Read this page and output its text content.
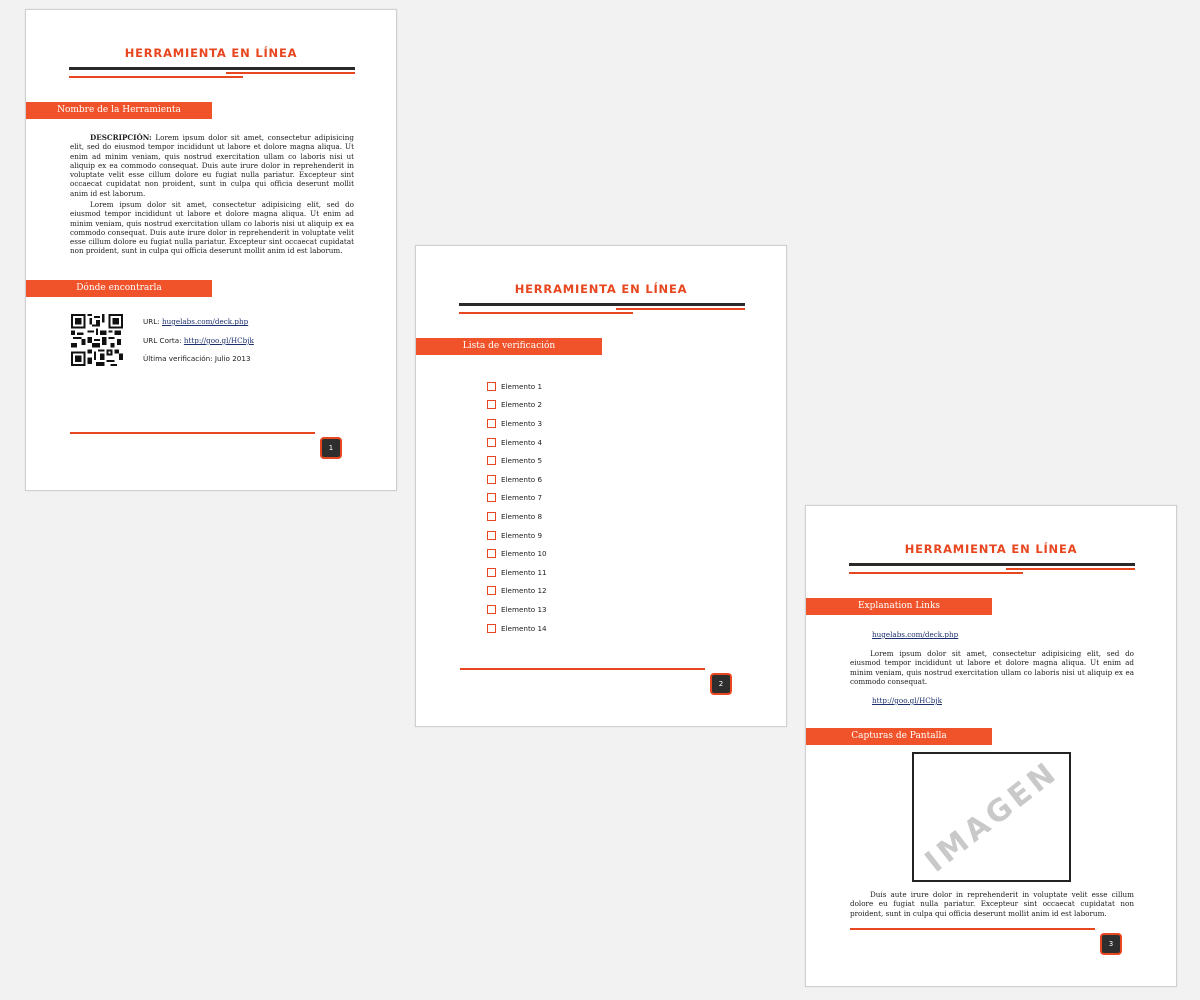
HERRAMIENTA EN LÍNEA
Nombre de la Herramienta

DESCRIPCIÓN: Lorem ipsum dolor sit amet, consectetur adipisicing elit, sed do eiusmod tempor incididunt ut labore et dolore magna aliqua. Ut enim ad minim veniam, quis nostrud exercitation ullam co laboris nisi ut aliquip ex ea commodo consequat. Duis aute irure dolor in reprehenderit in voluptate velit esse cillum dolore eu fugiat nulla pariatur. Excepteur sint occaecat cupidatat non proident, sunt in culpa qui officia deserunt mollit anim id est laborum.

Lorem ipsum dolor sit amet, consectetur adipisicing elit, sed do eiusmod tempor incididunt ut labore et dolore magna aliqua. Ut enim ad minim veniam, quis nostrud exercitation ullam co laboris nisi ut aliquip ex ea commodo consequat. Duis aute irure dolor in reprehenderit in voluptate velit esse cillum dolore eu fugiat nulla pariatur. Excepteur sint occaecat cupidatat non proident, sunt in culpa qui officia deserunt mollit anim id est laborum.

Dónde encontrarla
URL: hugelabs.com/deck.php
URL Corta: http://goo.gl/HCbjk
Última verificación: Julio 2013
1
HERRAMIENTA EN LÍNEA
Lista de verificación
Elemento 1
Elemento 2
Elemento 3
Elemento 4
Elemento 5
Elemento 6
Elemento 7
Elemento 8
Elemento 9
Elemento 10
Elemento 11
Elemento 12
Elemento 13
Elemento 14
2
HERRAMIENTA EN LÍNEA
Explanation Links
hugelabs.com/deck.php

Lorem ipsum dolor sit amet, consectetur adipisicing elit, sed do eiusmod tempor incididunt ut labore et dolore magna aliqua. Ut enim ad minim veniam, quis nostrud exercitation ullam co laboris nisi ut aliquip ex ea commodo consequat.

http://goo.gl/HCbjk
Capturas de Pantalla
IMAGEN

Duis aute irure dolor in reprehenderit in voluptate velit esse cillum dolore eu fugiat nulla pariatur. Excepteur sint occaecat cupidatat non proident, sunt in culpa qui officia deserunt mollit anim id est laborum.

3
